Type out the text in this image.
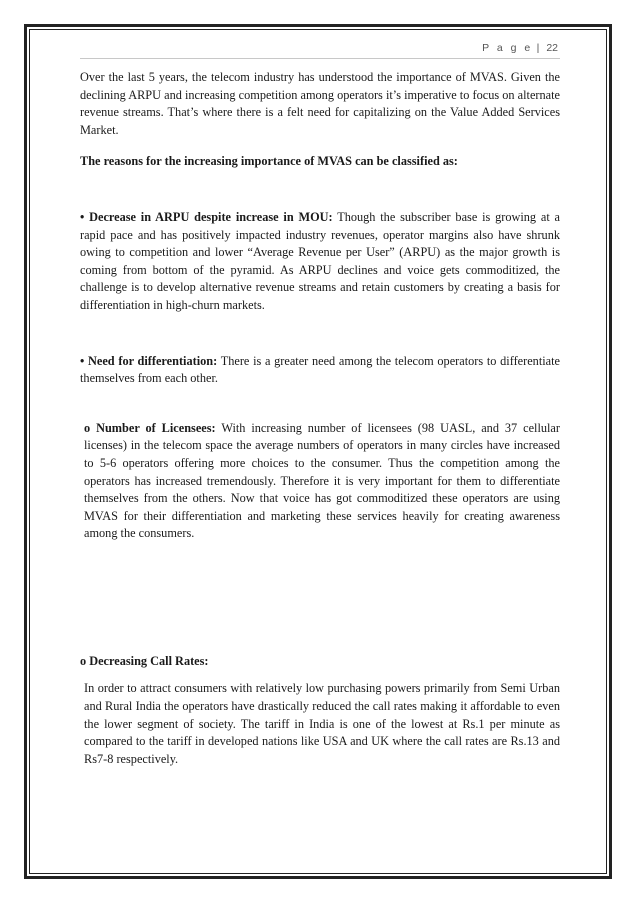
P a g e | 22

Over the last 5 years, the telecom industry has understood the importance of MVAS. Given the declining ARPU and increasing competition among operators it’s imperative to focus on alternate revenue streams. That’s where there is a felt need for capitalizing on the Value Added Services Market.

The reasons for the increasing importance of MVAS can be classified as:

• Decrease in ARPU despite increase in MOU: Though the subscriber base is growing at a rapid pace and has positively impacted industry revenues, operator margins also have shrunk owing to competition and lower “Average Revenue per User” (ARPU) as the major growth is coming from bottom of the pyramid. As ARPU declines and voice gets commoditized, the challenge is to develop alternative revenue streams and retain customers by creating a basis for differentiation in high-churn markets.

• Need for differentiation: There is a greater need among the telecom operators to differentiate themselves from each other.

o Number of Licensees: With increasing number of licensees (98 UASL, and 37 cellular licenses) in the telecom space the average numbers of operators in many circles have increased to 5-6 operators offering more choices to the consumer. Thus the competition among the operators has increased tremendously. Therefore it is very important for them to differentiate themselves from the others. Now that voice has got commoditized these operators are using MVAS for their differentiation and marketing these services heavily for creating awareness among the consumers.

o Decreasing Call Rates:

In order to attract consumers with relatively low purchasing powers primarily from Semi Urban and Rural India the operators have drastically reduced the call rates making it affordable to even the lower segment of society. The tariff in India is one of the lowest at Rs.1 per minute as compared to the tariff in developed nations like USA and UK where the call rates are Rs.13 and Rs7-8 respectively.
